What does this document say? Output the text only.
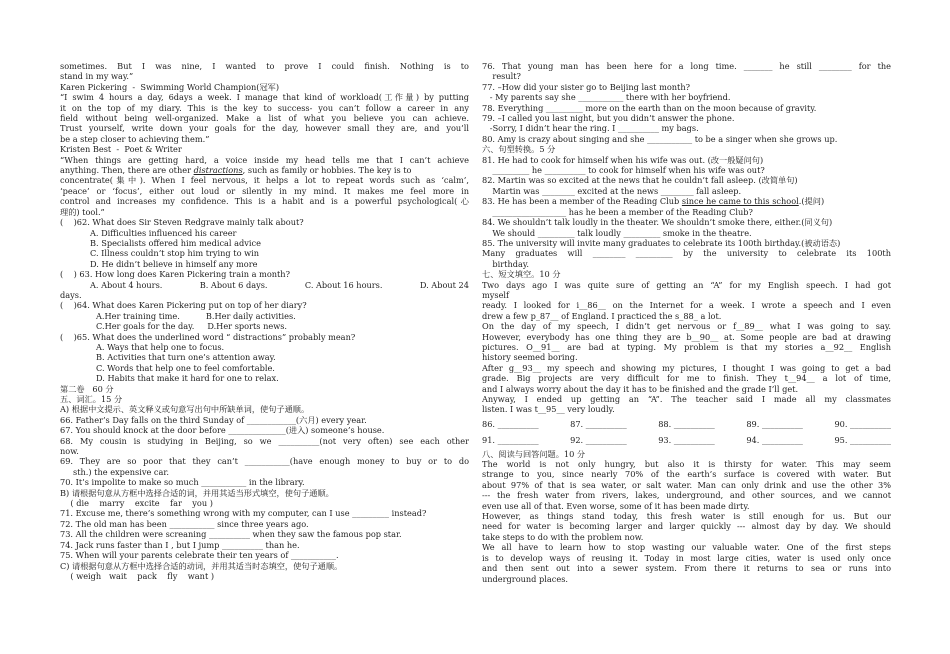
sometimes. But I was nine, I wanted to prove I could finish. Nothing is to
stand in my way.”
Karen Pickering  -  Swimming World Champion(冠军)
“I swim 4 hours a day, 6days a week. I manage that kind of workload(工作量) by putting
it on the top of my diary. This is the key to success- you can’t follow a career in any
field without being well-organized. Make a list of what you believe you can achieve.
Trust yourself, write down your goals for the day, however small they are, and you’ll
be a step closer to achieving them.”
Kristen Best  -  Poet & Writer
“When things are getting hard, a voice inside my head tells me that I can’t achieve
anything. Then, there are other distractions, such as family or hobbies. The key is to
concentrate(集中). When I feel nervous, it helps a lot to repeat words such as ‘calm’,
‘peace’ or ‘focus’, either out loud or silently in my mind. It makes me feel more in
control and increases my confidence. This is a habit and is a powerful psychological(心
理的) tool.”
(    )62. What does Sir Steven Redgrave mainly talk about?
A. Difficulties influenced his career
B. Specialists offered him medical advice
C. Illness couldn’t stop him trying to win
D. He didn’t believe in himself any more
(    ) 63. How long does Karen Pickering train a month?
A. About 4 hours.	B. About 6 days.	C. About 16 hours.	D. About 24
days.
(    )64. What does Karen Pickering put on top of her diary?
A.Her training time.          B.Her daily activities.
C.Her goals for the day.     D.Her sports news.
(    )65. What does the underlined word “ distractions” probably mean?
A. Ways that help one to focus.
B. Activities that turn one’s attention away.
C. Words that help one to feel comfortable.
D. Habits that make it hard for one to relax.
第二卷   60 分
五、词汇。15 分
A) 根据中文提示、英文释义或句意写出句中所缺单词，使句子通顺。
66. Father’s Day falls on the third Sunday of ____________(六月) every year.
67. You should knock at the door before ______________(进入) someone’s house.
68. My cousin is studying in Beijing, so we __________(not very often) see each other
now.
69. They are so poor that they can’t ___________(have enough money to buy or to do
sth.) the expensive car.
70. It’s impolite to make so much ___________ in the library.
B) 请根据句意从方框中选择合适的词，并用其适当形式填空，使句子通顺。
( die    marry    excite    far    you )
71. Excuse me, there’s something wrong with my computer, can I use _________ instead?
72. The old man has been ___________ since three years ago.
73. All the children were screaning __________ when they saw the famous pop star.
74. Jack runs faster than I , but I jump __________ than he.
75. When will your parents celebrate their ten years of ___________.
C) 请根据句意从方框中选择合适的动词，并用其适当时态填空，使句子通顺。
( weigh   wait    pack    fly    want )
76. That young man has been here for a long time. _______ he still ________ for the
result?
77. –How did your sister go to Beijing last month?
- My parents say she ___________ there with her boyfriend.
78. Everything _________ more on the earth than on the moon because of gravity.
79. –I called you last night, but you didn’t answer the phone.
-Sorry, I didn’t hear the ring. I __________ my bags.
80. Amy is crazy about singing and she ___________ to be a singer when she grows up.
六、句型转换。5 分
81. He had to cook for himself when his wife was out. (改一般疑问句)
_________ he __________ to cook for himself when his wife was out?
82. Martin was so excited at the news that he couldn’t fall asleep. (改简单句)
Martin was ________ excited at the news ________ fall asleep.
83. He has been a member of the Reading Club since he came to this school.(提问)
__________________ has he been a member of the Reading Club?
84. We shouldn’t talk loudly in the theater. We shouldn’t smoke there, either.(同义句)
We should _________ talk loudly _________ smoke in the theatre.
85. The university will invite many graduates to celebrate its 100th birthday.(被动语态)
Many graduates will ________ _________ by the university to celebrate its 100th
birthday.
七、短文填空。10 分
Two days ago I was quite sure of getting an “A” for my English speech. I had got
myself
ready. I looked for i__86__ on the Internet for a week. I wrote a speech and I even
drew a few p_87__ of England. I practiced the s_88_ a lot.
On the day of my speech, I didn’t get nervous or f__89__ what I was going to say.
However, everybody has one thing they are b__90__ at. Some people are bad at drawing
pictures. O__91__ are bad at typing. My problem is that my stories a__92__ English
history seemed boring.
After g__93__ my speech and showing my pictures, I thought I was going to get a bad
grade. Big projects are very difficult for me to finish. They t__94__ a lot of time,
and I always worry about the day it has to be finished and the grade I’ll get.
Anyway, I ended up getting an “A”. The teacher said I made all my classmates
listen. I was t__95__ very loudly.
86. __________	87. __________	88. __________	89. __________	90. __________
91. __________	92. __________	93. __________	94. __________	95. __________
八、阅读与回答问题。10 分
The world is not only hungry, but also it is thirsty for water. This may seem
strange to you, since nearly 70% of the earth’s surface is covered with water. But
about 97% of that is sea water, or salt water. Man can only drink and use the other 3%
--- the fresh water from rivers, lakes, underground, and other sources, and we cannot
even use all of that. Even worse, some of it has been made dirty.
However, as things stand today, this fresh water is still enough for us. But our
need for water is becoming larger and larger quickly --- almost day by day. We should
take steps to do with the problem now.
We all have to learn how to stop wasting our valuable water. One of the first steps
is to develop ways of reusing it. Today in most large cities, water is used only once
and then sent out into a sewer system. From there it returns to sea or runs into
underground places.
